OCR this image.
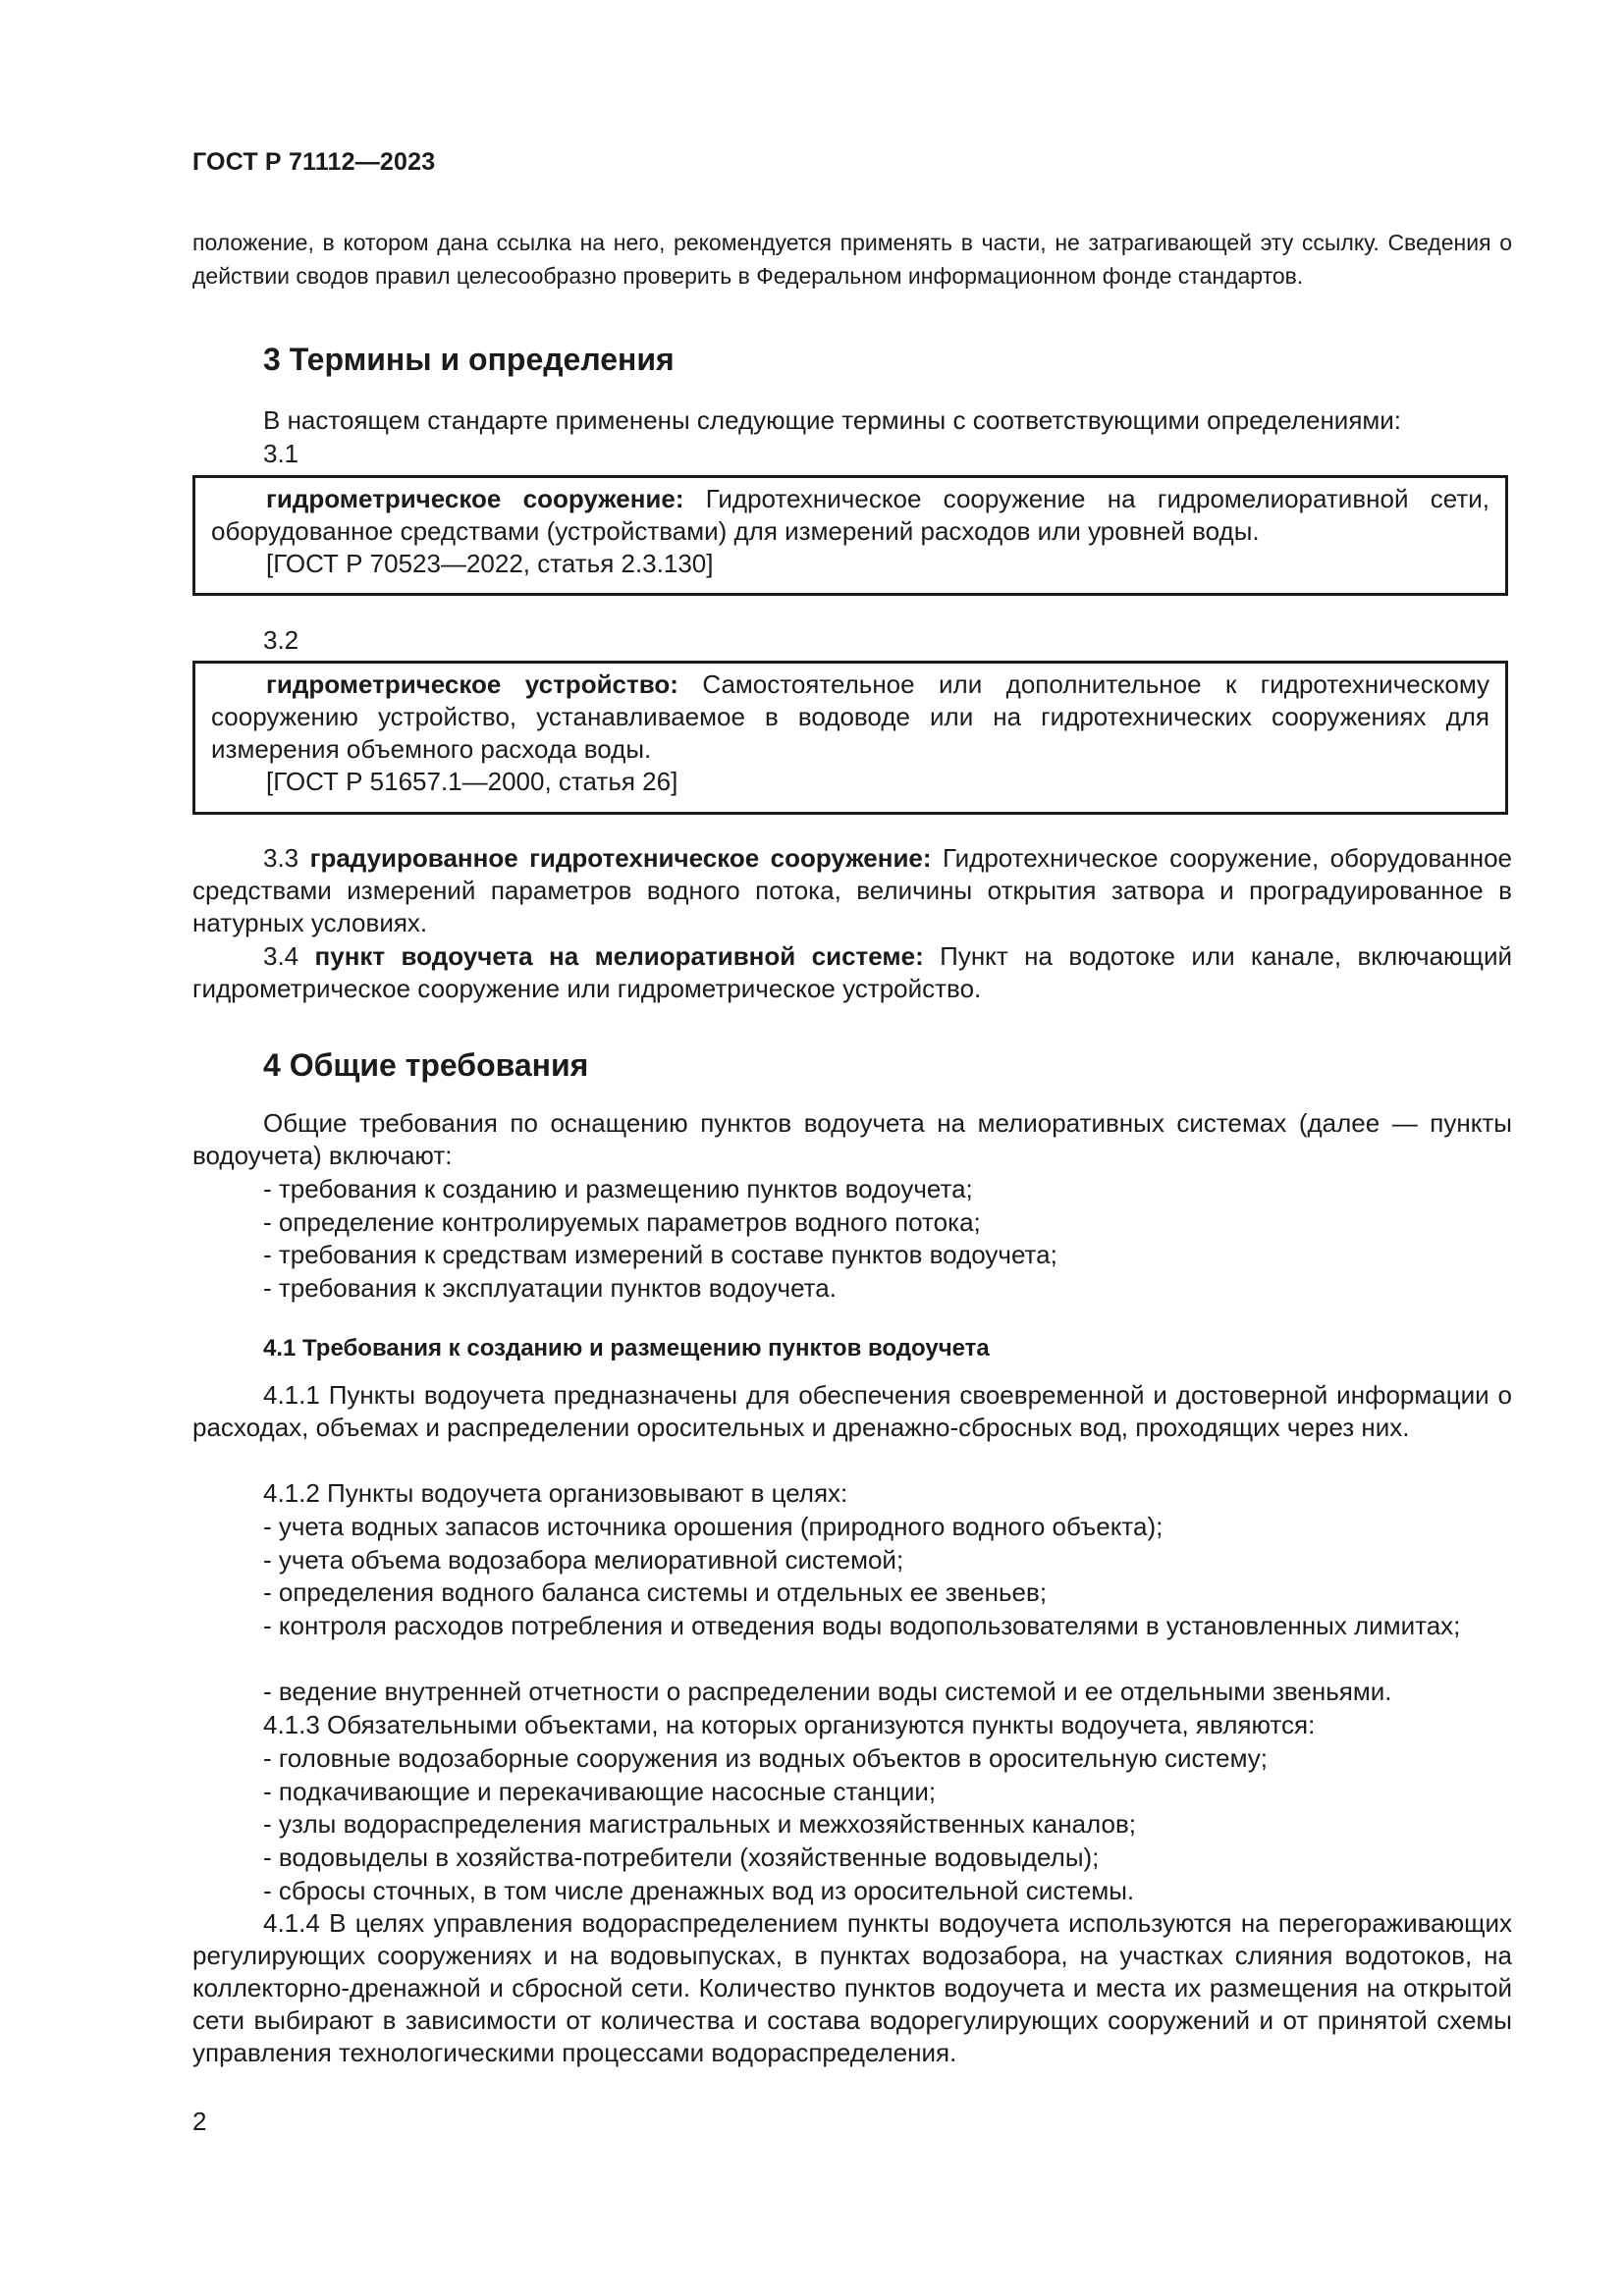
ГОСТ Р 71112—2023
положение, в котором дана ссылка на него, рекомендуется применять в части, не затрагивающей эту ссылку. Сведения о действии сводов правил целесообразно проверить в Федеральном информационном фонде стандартов.
3 Термины и определения
В настоящем стандарте применены следующие термины с соответствующими определениями:
3.1

гидрометрическое сооружение: Гидротехническое сооружение на гидромелиоративной сети, оборудованное средствами (устройствами) для измерений расходов или уровней воды.

[ГОСТ Р 70523—2022, статья 2.3.130]
3.2

гидрометрическое устройство: Самостоятельное или дополнительное к гидротехническому сооружению устройство, устанавливаемое в водоводе или на гидротехнических сооружениях для измерения объемного расхода воды.

[ГОСТ Р 51657.1—2000, статья 26]
3.3 градуированное гидротехническое сооружение: Гидротехническое сооружение, оборудованное средствами измерений параметров водного потока, величины открытия затвора и проградуированное в натурных условиях.
3.4 пункт водоучета на мелиоративной системе: Пункт на водотоке или канале, включающий гидрометрическое сооружение или гидрометрическое устройство.
4 Общие требования
Общие требования по оснащению пунктов водоучета на мелиоративных системах (далее — пункты водоучета) включают:
- требования к созданию и размещению пунктов водоучета;
- определение контролируемых параметров водного потока;
- требования к средствам измерений в составе пунктов водоучета;
- требования к эксплуатации пунктов водоучета.
4.1 Требования к созданию и размещению пунктов водоучета
4.1.1 Пункты водоучета предназначены для обеспечения своевременной и достоверной информации о расходах, объемах и распределении оросительных и дренажно-сбросных вод, проходящих через них.
4.1.2 Пункты водоучета организовывают в целях:
- учета водных запасов источника орошения (природного водного объекта);
- учета объема водозабора мелиоративной системой;
- определения водного баланса системы и отдельных ее звеньев;
- контроля расходов потребления и отведения воды водопользователями в установленных лимитах;
- ведение внутренней отчетности о распределении воды системой и ее отдельными звеньями.
4.1.3 Обязательными объектами, на которых организуются пункты водоучета, являются:
- головные водозаборные сооружения из водных объектов в оросительную систему;
- подкачивающие и перекачивающие насосные станции;
- узлы водораспределения магистральных и межхозяйственных каналов;
- водовыделы в хозяйства-потребители (хозяйственные водовыделы);
- сбросы сточных, в том числе дренажных вод из оросительной системы.
4.1.4 В целях управления водораспределением пункты водоучета используются на перегораживающих регулирующих сооружениях и на водовыпусках, в пунктах водозабора, на участках слияния водотоков, на коллекторно-дренажной и сбросной сети. Количество пунктов водоучета и места их размещения на открытой сети выбирают в зависимости от количества и состава водорегулирующих сооружений и от принятой схемы управления технологическими процессами водораспределения.
2
